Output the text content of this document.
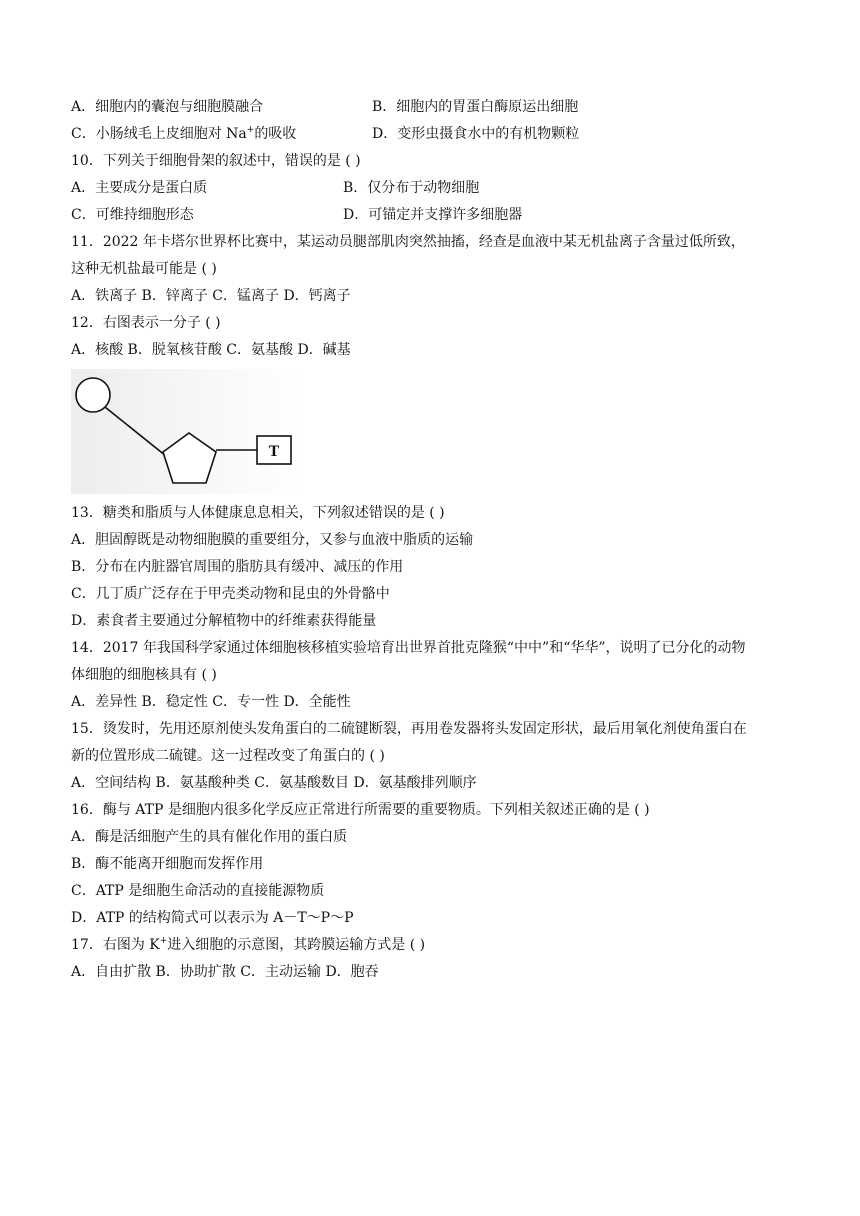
A．细胞内的囊泡与细胞膜融合	B．细胞内的胃蛋白酶原运出细胞
C．小肠绒毛上皮细胞对 Na+的吸收	D．变形虫摄食水中的有机物颗粒
10．下列关于细胞骨架的叙述中，错误的是 ( )
A．主要成分是蛋白质	B．仅分布于动物细胞
C．可维持细胞形态	D．可锚定并支撑许多细胞器
11．2022 年卡塔尔世界杯比赛中，某运动员腿部肌肉突然抽搐，经查是血液中某无机盐离子含量过低所致，
这种无机盐最可能是 ( )
A．铁离子 B．锌离子 C．锰离子 D．钙离子
12．右图表示一分子 ( )
A．核酸 B．脱氧核苷酸 C．氨基酸 D．碱基
T
13．糖类和脂质与人体健康息息相关，下列叙述错误的是 ( )
A．胆固醇既是动物细胞膜的重要组分，又参与血液中脂质的运输
B．分布在内脏器官周围的脂肪具有缓冲、减压的作用
C．几丁质广泛存在于甲壳类动物和昆虫的外骨骼中
D．素食者主要通过分解植物中的纤维素获得能量
14．2017 年我国科学家通过体细胞核移植实验培育出世界首批克隆猴“中中”和“华华”，说明了已分化的动物
体细胞的细胞核具有 ( )
A．差异性 B．稳定性 C．专一性 D．全能性
15．烫发时，先用还原剂使头发角蛋白的二硫键断裂，再用卷发器将头发固定形状，最后用氧化剂使角蛋白在
新的位置形成二硫键。这一过程改变了角蛋白的 ( )
A．空间结构 B．氨基酸种类 C．氨基酸数目 D．氨基酸排列顺序
16．酶与 ATP 是细胞内很多化学反应正常进行所需要的重要物质。下列相关叙述正确的是 ( )
A．酶是活细胞产生的具有催化作用的蛋白质
B．酶不能离开细胞而发挥作用
C．ATP 是细胞生命活动的直接能源物质
D．ATP 的结构简式可以表示为 A－T～P～P
17．右图为 K+进入细胞的示意图，其跨膜运输方式是 ( )
A．自由扩散 B．协助扩散 C．主动运输 D．胞吞
